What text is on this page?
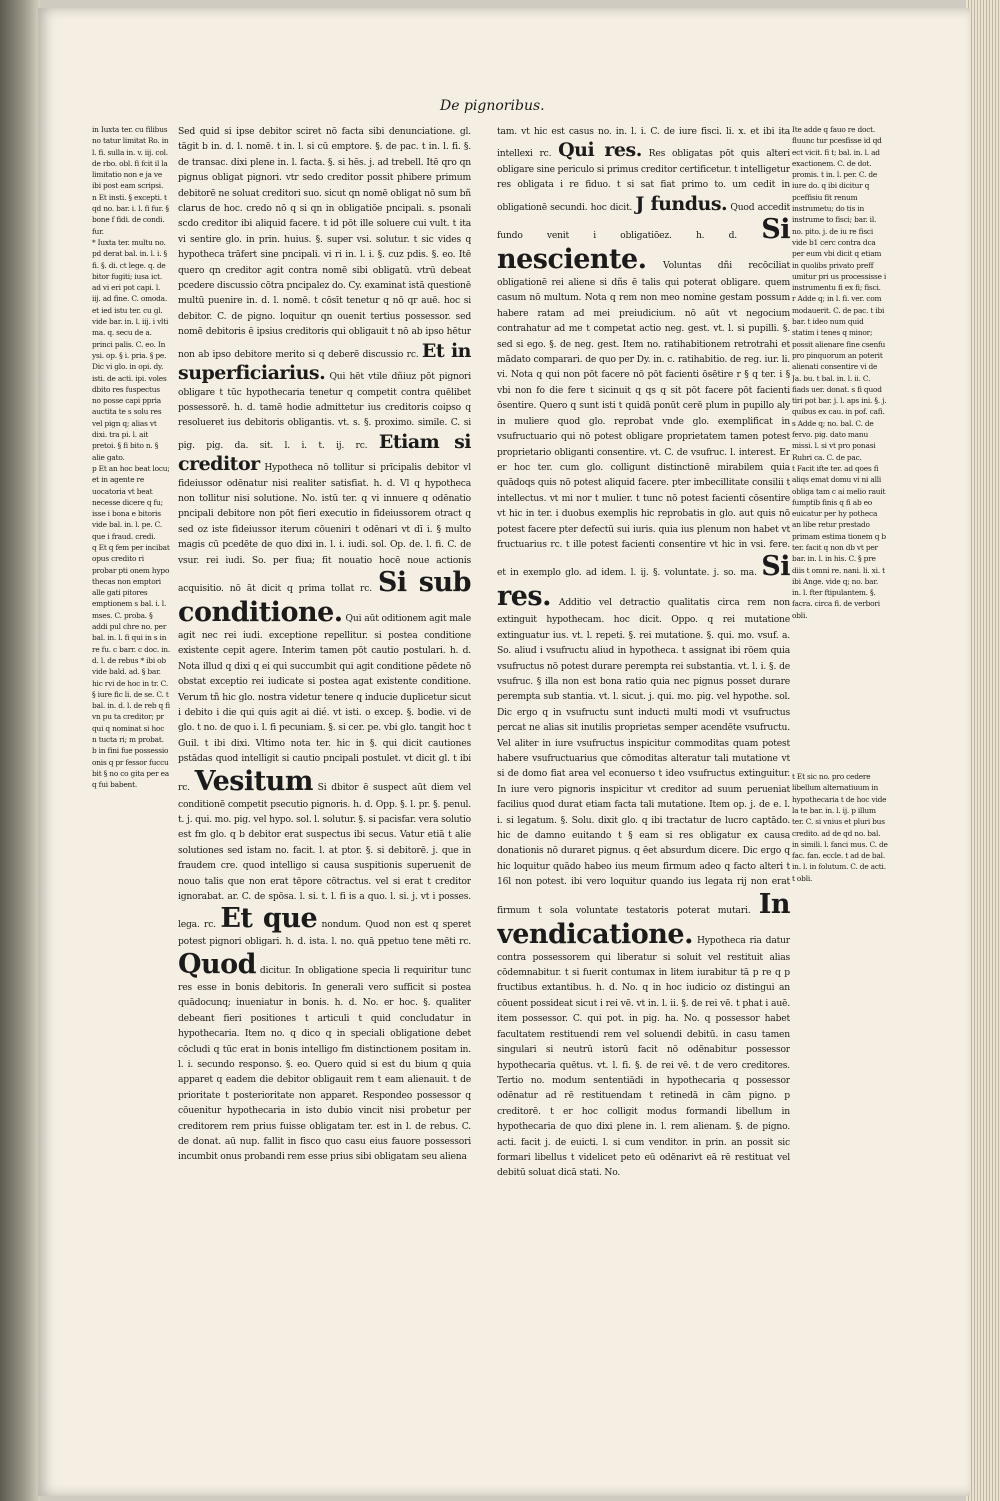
De pignoribus.

in Iuxta ter. cu filibus no tatur limitat Ro. in l. fi. sulla in. v. iij. col. de rbo. obl. fi fcit il la limitatio non e ja ve ibi post eam scripsi.

n Et insti. § excepti. t qd no. bar. i. l. fi fur. § bone f fidi. de condi. fur.

* Iuxta ter. multu no. pd derat bal. in. l. i. § fi. §. di. ct lege. q. de bitor fugiti; iusa ict. ad vi eri pot capi. l. iij. ad fine. C. omoda. et ied istu ter. cu gl. vide bar. in. l. iij. i vlti ma. q. secu de a. princi palis. C. eo. In ysi. op. § i. pria. § pe. Dic vi glo. in opi. dy. isti. de acti. ipi. voles dbito res fuspectus no posse capi ppria auctita te s solu res vel pign q; alias vt dixi. tra pi. l. ait pretoi. § fi bito n. § alie gato.

p Et an hoc beat locu; et in agente re uocatoria vt beat necesse dicere q fu; isse i bona e bitoris vide bal. in. l. pe. C. que i fraud. credi.

q Et q fem per incibat opus credito ri probar pti onem hypo thecas non emptori alle gati pitores emptionem s bal. i. l. mses. C. proba. § addi pul chre no. per bal. in. l. fi qui in s in re fu. c barr. c doc. in. d. l. de rebus * ibi ob vide bald. ad. § bar. hic rvi de hoc in tr. C. § iure fic li. de se. C. t bal. in. d. l. de reb q fi vn pu ta creditor; pr qui q nominat si hoc n tucta ri; m probat. b in fini fue possessio onis q pr fessor fuccu bit § no co gita per ea q fui babent.

Sed quid si ipse debitor sciret nō facta sibi denunciatione. gl. tāgit b in. d. l. nomē. t in. l. si cū emptore. §. de pac. t in. l. fi. §. de transac. dixi plene in. l. facta. §. si hēs. j. ad trebell. Itē qro qn pignus obligat pignori. vtr sedo creditor possit phibere primum debitorē ne soluat creditori suo. sicut qn nomē obligat nō sum bñ clarus de hoc. credo nō q si qn in obligatiōe pncipali. s. psonali scdo creditor ibi aliquid facere. t id pōt ille soluere cui vult. t ita vi sentire glo. in prin. huius. §. super vsi. solutur. t sic vides q hypotheca trāfert sine pncipali. vi ri in. l. i. §. cuz pdis. §. eo. Itē quero qn creditor agit contra nomē sibi obligatū. vtrū debeat pcedere discussio cōtra pncipalez do. Cy. examinat istā questionē multū puenire in. d. l. nomē. t cōsīt tenetur q nō qr auē. hoc si debitor. C. de pigno. loquitur qn ouenit tertius possessor. sed nomē debitoris ē ipsius creditoris qui obligauit t nō ab ipso hētur non ab ipso debitore merito si q deberē discussio rc. Et in superficiarius. Qui hēt vtile dñiuz pōt pignori obligare t tūc hypothecaria tenetur q competit contra quēlibet possessorē. h. d. tamē hodie admittetur ius creditoris coipso q resolueret ius debitoris obligantis. vt. s. §. proximo. simile. C. si pig. pig. da. sit. l. i. t. ij. rc. Etiam si creditor Hypotheca nō tollitur si prīcipalis debitor vl fideiussor odēnatur nisi realiter satisfiat. h. d. Vl q hypotheca non tollitur nisi solutione. No. istū ter. q vi innuere q odēnatio pncipali debitore non pōt fieri executio in fideiussorem otract q sed oz iste fideiussor iterum cōueniri t odēnari vt dī i. § multo magis cū pcedēte de quo dixi in. l. i. iudi. sol. Op. de. l. fi. C. de vsur. rei iudi. So. per fiua; fit nouatio hocē noue actionis acquisitio. nō āt dicit q prima tollat rc. Si sub conditione. Qui aūt oditionem agit male agit nec rei iudi. exceptione repellitur. si postea conditione existente cepit agere. Interim tamen pōt cautio postulari. h. d. Nota illud q dixi q ei qui succumbit qui agit conditione pēdete nō obstat exceptio rei iudicate si postea agat existente conditione. Verum tñ hic glo. nostra videtur tenere q inducie duplicetur sicut i debito i die qui quis agit ai dié. vt isti. o excep. §. bodie. vi de glo. t no. de quo i. l. fi pecuniam. §. si cer. pe. vbi glo. tangit hoc t Guil. t ibi dixi. Vltimo nota ter. hic in §. qui dicit cautiones pstādas quod intelligit si cautio pncipali postulet. vt dicit gl. t ibi rc. Vesitum Si dbitor ē suspect aūt diem vel conditionē competit psecutio pignoris. h. d. Opp. §. l. pr. §. penul. t. j. qui. mo. pig. vel hypo. sol. l. solutur. §. si pacisfar. vera solutio est fm glo. q b debitor erat suspectus ibi secus. Vatur etiā t alie solutiones sed istam no. facit. l. at ptor. §. si debitorē. j. que in fraudem cre. quod intelligo si causa suspitionis superuenit de nouo talis que non erat tēpore cōtractus. vel si erat t creditor ignorabat. ar. C. de spōsa. l. si. t. l. fi is a quo. l. si. j. vt i posses. lega. rc. Et que nondum. Quod non est q speret potest pignori obligari. h. d. ista. l. no. quā ppetuo tene mēti rc. Quod dicitur. In obligatione specia li requiritur tunc res esse in bonis debitoris. In generali vero sufficit si postea quādocunq; inueniatur in bonis. h. d. No. er hoc. §. qualiter debeant fieri positiones t articuli t quid concludatur in hypothecaria. Item no. q dico q in speciali obligatione debet cōcludi q tūc erat in bonis intelligo fm distinctionem positam in. l. i. secundo responso. §. eo. Quero quid si est du bium q quia apparet q eadem die debitor obligauit rem t eam alienauit. t de prioritate t posterioritate non apparet. Respondeo possessor q cōuenitur hypothecaria in isto dubio vincit nisi probetur per creditorem rem prius fuisse obligatam ter. est in l. de rebus. C. de donat. aū nup. fallit in fisco quo casu eius fauore possessori incumbit onus probandi rem esse prius sibi obligatam seu aliena
tam. vt hic est casus no. in. l. i. C. de iure fisci. li. x. et ibi ita intellexi rc. Qui res. Res obligatas pōt quis alteri obligare sine periculo si primus creditor certificetur. t intelligetur res obligata i re fiduo. t si sat fiat primo to. um cedit in obligationē secundi. hoc dicit. J fundus. Quod accedit fundo venit i obligatiōez. h. d. Si nesciente. Voluntas dñi recōciliat obligationē rei aliene si dñs ē talis qui poterat obligare. quem casum nō multum. Nota q rem non meo nomine gestam possum habere ratam ad mei preiudicium. nō aūt vt negocium contrahatur ad me t competat actio neg. gest. vt. l. si pupilli. §. sed si ego. §. de neg. gest. Item no. ratihabitionem retrotrahi et mādato comparari. de quo per Dy. in. c. ratihabitio. de reg. iur. li. vi. Nota q qui non pōt facere nō pōt facienti ōsētire r § q ter. i § vbi non fo die fere t sicinuit q qs q sit pōt facere pōt facienti ōsentire. Quero q sunt isti t quidā ponūt cerē plum in pupillo aly in muliere quod glo. reprobat vnde glo. exemplificat in vsufructuario qui nō potest obligare proprietatem tamen potest proprietario obliganti consentire. vt. C. de vsufruc. l. interest. Er er hoc ter. cum glo. colligunt distinctionē mirabilem quia quādoqs quis nō potest aliquid facere. pter imbecillitate consilii t intellectus. vt mi nor t mulier. t tunc nō potest facienti cōsentire vt hic in ter. i duobus exemplis hic reprobatis in glo. aut quis nō potest facere pter defectū sui iuris. quia ius plenum non habet vt fructuarius rc. t ille potest facienti consentire vt hic in vsi. fere. et in exemplo glo. ad idem. l. ij. §. voluntate. j. so. ma. Si res. Additio vel detractio qualitatis circa rem non extinguit hypothecam. hoc dicit. Oppo. q rei mutatione extinguatur ius. vt. l. repeti. §. rei mutatione. §. qui. mo. vsuf. a. So. aliud i vsufructu aliud in hypotheca. t assignat ibi rōem quia vsufructus nō potest durare perempta rei substantia. vt. l. i. §. de vsufruc. § illa non est bona ratio quia nec pignus posset durare perempta sub stantia. vt. l. sicut. j. qui. mo. pig. vel hypothe. sol. Dic ergo q in vsufructu sunt inducti multi modi vt vsufructus percat ne alias sit inutilis proprietas semper acendēte vsufructu. Vel aliter in iure vsufructus inspicitur commoditas quam potest habere vsufructuarius que cōmoditas alteratur tali mutatione vt si de domo fiat area vel econuerso t ideo vsufructus extinguitur. In iure vero pignoris inspicitur vt creditor ad suum perueniat facilius quod durat etiam facta tali mutatione. Item op. j. de e. l. i. si legatum. §. Solu. dixit glo. q ibi tractatur de lucro captādo. hic de damno euitando t § eam si res obligatur ex causa donationis nō duraret pignus. q ēet absurdum dicere. Dic ergo q hic loquitur quādo habeo ius meum firmum adeo q facto alteri t 16l non potest. ibi vero loquitur quando ius legata rij non erat firmum t sola voluntate testatoris poterat mutari. In vendicatione. Hypotheca ria datur contra possessorem qui liberatur si soluit vel restituit alias cōdemnabitur. t si fuerit contumax in litem iurabitur tā p re q p fructibus extantibus. h. d. No. q in hoc iudicio oz distingui an cōuent possideat sicut i rei vē. vt in. l. ii. §. de rei vē. t phat i auē. item possessor. C. qui pot. in pig. ha. No. q possessor habet facultatem restituendi rem vel soluendi debitū. in casu tamen singulari si neutrū istorū facit nō odēnabitur possessor hypothecaria quētus. vt. l. fi. §. de rei vē. t de vero creditores. Tertio no. modum sententiādi in hypothecaria q possessor odēnatur ad rē restituendam t retinedā in cām pigno. p creditorē. t er hoc colligit modus formandi libellum in hypothecaria de quo dixi plene in. l. rem alienam. §. de pigno. acti. facit j. de euicti. l. si cum venditor. in prin. an possit sic formari libellus t videlicet peto eū odēnarivt eā rē restituat vel debitū soluat dicā stati. No.

Ite adde q fauo re doct. fluunc tur pcesfisse id qd ect vicit. fi t; bal. in. l. ad exactionem. C. de dot. promis. t in. l. per. C. de iure do. q ibi dicitur q pceffisiu fit renum instrumetu; do tis in instrume to fisci; bar. il. no. pito. j. de iu re fisci vide b1 cerc contra dca per eum vbi dicit q etiam in quolibs privato preff umitur pri us processisse i instrumentu fi ex fi; fisci.

r Adde q; in l. fi. ver. com modauerit. C. de pac. t ibi bar. t ideo num quid statim i tenes q minor; possit alienare fine csenfu pro pinquorum an poterit alienati consentire vi de Ja. bu. t bal. in. l. ii. C. fiads uer. donat. s fi quod tiri pot bar. j. l. aps ini. §. j. quibus ex cau. in pof. cafi.

s Adde q; no. bal. C. de fervo. pig. dato manu missi. l. si vt pro ponasi Rubri ca. C. de pac.

t Facit ifte ter. ad qoes fi aliqs emat domu vi ni alli obliga tam c ai melio rauit fumptib finis q fi ab eo euicatur per hy potheca an libe retur prestado primam estima tionem q b ter. facit q non db vt per bar. in. l. in his. C. § pre diis t omni re. nani. li. xi. t ibi Ange. vide q; no. bar. in. l. fter ftipulantem. §. facra. circa fi. de verbori obli.

t Et sic no. pro cedere libellum alternatiuum in hypothecaria t de hoc vide la te bar. in. l. ij. p illum ter. C. si vnius et pluri bus credito. ad de qd no. bal. in simili. l. fanci mus. C. de fac. fan. eccle. t ad de bal. in. l. in folutum. C. de acti. t obli.
